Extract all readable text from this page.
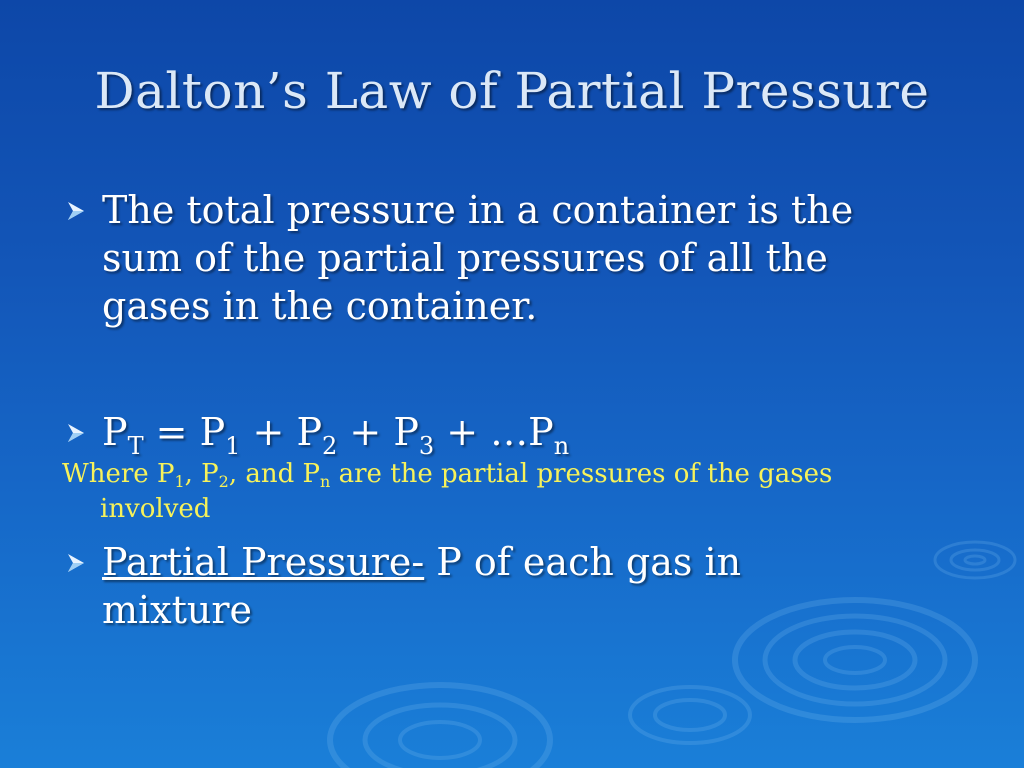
Dalton’s Law of Partial Pressure
The total pressure in a container is the
sum of the partial pressures of all the
gases in the container.
$P_T = P_1 + P_2 + P_3$ + $\dots P_n$
Where P1, P2, and Pn are the partial pressures of the gases
involved
Partial Pressure- P of each gas in
mixture
